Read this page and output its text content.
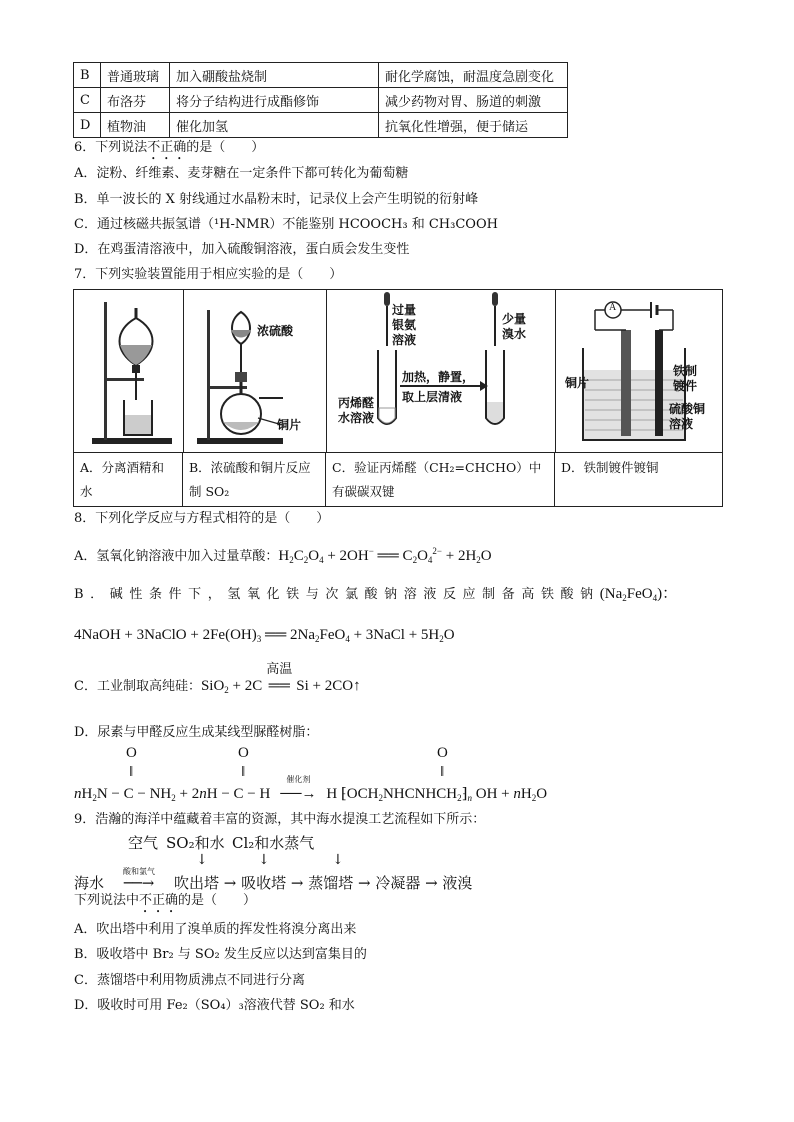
B	普通玻璃	加入硼酸盐烧制	耐化学腐蚀，耐温度急剧变化
C	布洛芬	将分子结构进行成酯修饰	减少药物对胃、肠道的刺激
D	植物油	催化加氢	抗氧化性增强，便于储运
6．下列说法不正确的是（　　）
A．淀粉、纤维素、麦芽糖在一定条件下都可转化为葡萄糖
B．单一波长的 X 射线通过水晶粉末时，记录仪上会产生明锐的衍射峰
C．通过核磁共振氢谱（¹H-NMR）不能鉴别 HCOOCH₃ 和 CH₃COOH
D．在鸡蛋清溶液中，加入硫酸铜溶液，蛋白质会发生变性
7．下列实验装置能用于相应实验的是（　　）
浓硫酸
铜片
过量
银氨
溶液
少量
溴水
加热，静置，
取上层清液
丙烯醛
水溶液
A
铜片
铁制
镀件
硫酸铜
溶液
A．分离酒精和水
B．浓硫酸和铜片反应制 SO₂
C．验证丙烯醛（CH₂=CHCHO）中有碳碳双键
D．铁制镀件镀铜
8．下列化学反应与方程式相符的是（　　）
A．氢氧化钠溶液中加入过量草酸：$H_2C_2O_4 + 2OH^-$ ══ $C_2O_4^{2-} + 2H_2O$
B．碱性条件下，氢氧化铁与次氯酸钠溶液反应制备高铁酸钠$(Na_2FeO_4)$：
4NaOH + 3NaClO + $2Fe(OH)_3$ ══ $2Na_2FeO_4$ + 3NaCl + $5H_2O$
C．工业制取高纯硅：SiO$_2$ + 2C
高温
══ Si + 2CO↑
D．尿素与甲醛反应生成某线型脲醛树脂：
O
‖
O
‖
O
‖
$nH_2N - C - NH_2 + 2nH - C - H$
催化剂
──→ H $⁅OCH_2NHCNHCH_2⁆_n$ OH + $nH_2O$
9．浩瀚的海洋中蕴藏着丰富的资源，其中海水提溴工艺流程如下所示：
空气 SO₂和水 Cl₂和水蒸气
↓	↓	↓
海水
酸和氯气
──→ 吹出塔 → 吸收塔 → 蒸馏塔 → 冷凝器 → 液溴
下列说法中不正确的是（　　）
A．吹出塔中利用了溴单质的挥发性将溴分离出来
B．吸收塔中 Br₂ 与 SO₂ 发生反应以达到富集目的
C．蒸馏塔中利用物质沸点不同进行分离
D．吸收时可用 Fe₂（SO₄）₃溶液代替 SO₂ 和水
